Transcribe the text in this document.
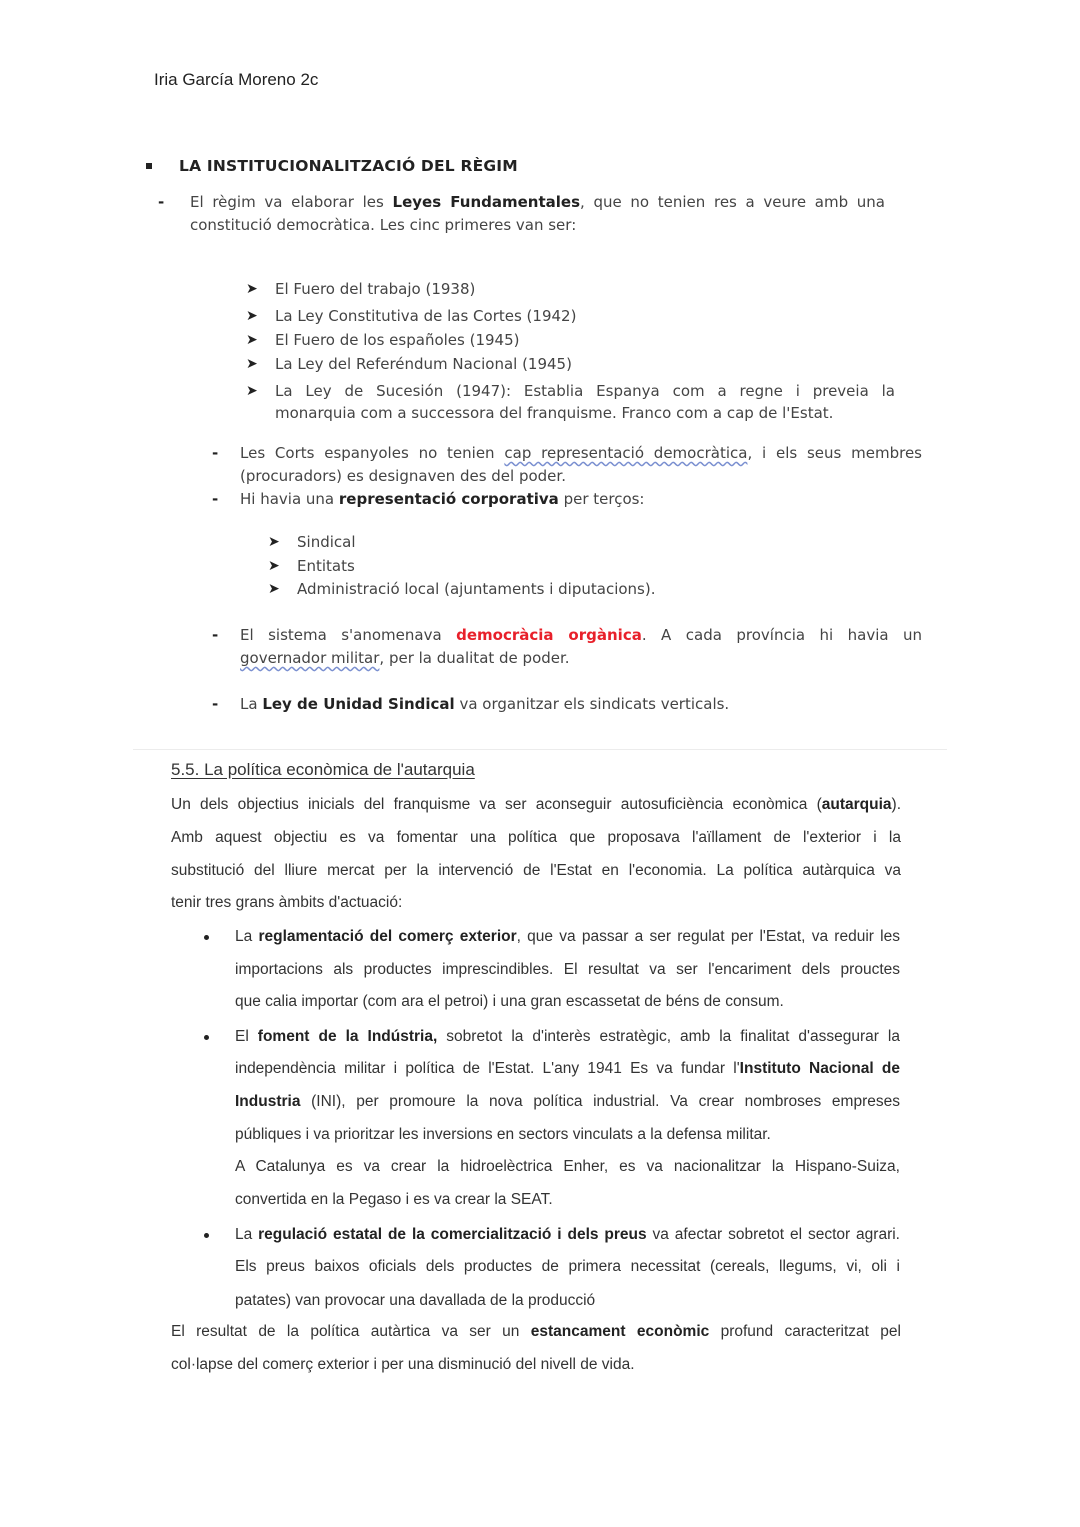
Iria García Moreno 2c
LA INSTITUCIONALITZACIÓ DEL RÈGIM
- El règim va elaborar les Leyes Fundamentales, que no tenien res a veure amb una
constitució democràtica. Les cinc primeres van ser:
➤ El Fuero del trabajo (1938)
➤ La Ley Constitutiva de las Cortes (1942)
➤ El Fuero de los españoles (1945)
➤ La Ley del Referéndum Nacional (1945)
➤ La Ley de Sucesión (1947): Establia Espanya com a regne i preveia la
monarquia com a successora del franquisme. Franco com a cap de l'Estat.
- Les Corts espanyoles no tenien cap representació democràtica, i els seus membres
(procuradors) es designaven des del poder.
- Hi havia una representació corporativa per terços:
➤ Sindical
➤ Entitats
➤ Administració local (ajuntaments i diputacions).
- El sistema s'anomenava democràcia orgànica. A cada província hi havia un
governador militar, per la dualitat de poder.
- La Ley de Unidad Sindical va organitzar els sindicats verticals.
5.5. La política econòmica de l'autarquia
Un dels objectius inicials del franquisme va ser aconseguir autosuficiència econòmica (autarquia).
Amb aquest objectiu es va fomentar una política que proposava l'aïllament de l'exterior i la
substitució del lliure mercat per la intervenció de l'Estat en l'economia. La política autàrquica va
tenir tres grans àmbits d'actuació:
La reglamentació del comerç exterior, que va passar a ser regulat per l'Estat, va reduir les
importacions als productes imprescindibles. El resultat va ser l'encariment dels prouctes
que calia importar (com ara el petroi) i una gran escassetat de béns de consum.
El foment de la Indústria, sobretot la d'interès estratègic, amb la finalitat d'assegurar la
independència militar i política de l'Estat. L'any 1941 Es va fundar l'Instituto Nacional de
Industria (INI), per promoure la nova política industrial. Va crear nombroses empreses
públiques i va prioritzar les inversions en sectors vinculats a la defensa militar.
A Catalunya es va crear la hidroelèctrica Enher, es va nacionalitzar la Hispano-Suiza,
convertida en la Pegaso i es va crear la SEAT.
La regulació estatal de la comercialització i dels preus va afectar sobretot el sector agrari.
Els preus baixos oficials dels productes de primera necessitat (cereals, llegums, vi, oli i
patates) van provocar una davallada de la producció
El resultat de la política autàrtica va ser un estancament econòmic profund caracteritzat pel
col·lapse del comerç exterior i per una disminució del nivell de vida.
